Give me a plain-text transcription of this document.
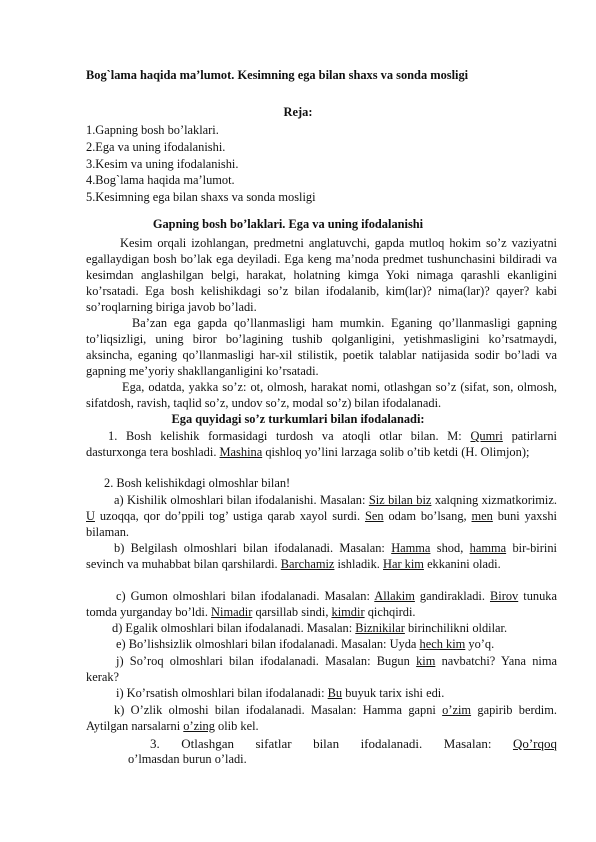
Bog`lama haqida ma’lumot. Kesimning ega bilan shaxs va sonda mosligi
Reja:
1.Gapning bosh bo’laklari.
2.Ega va uning ifodalanishi.
3.Kesim va uning ifodalanishi.
4.Bog`lama haqida ma’lumot.
5.Kesimning ega bilan shaxs va sonda mosligi
Gapning bosh bo’laklari. Ega va uning ifodalanishi
Kesim orqali izohlangan, predmetni anglatuvchi, gapda mutloq hokim so’z vaziyatni egallaydigan bosh bo’lak ega deyiladi. Ega keng ma’noda predmet tushunchasini bildiradi va kesimdan anglashilgan belgi, harakat, holatning kimga Yoki nimaga qarashli ekanligini ko’rsatadi. Ega bosh kelishikdagi so’z bilan ifodalanib, kim(lar)? nima(lar)? qayer? kabi so’roqlarning biriga javob bo’ladi.
Ba’zan ega gapda qo’llanmasligi ham mumkin. Eganing qo’llanmasligi gapning to’liqsizligi, uning biror bo’lagining tushib qolganligini, yetishmasligini ko’rsatmaydi, aksincha, eganing qo’llanmasligi har-xil stilistik, poetik talablar natijasida sodir bo’ladi va gapning me’yoriy shakllanganligini ko’rsatadi.
Ega, odatda, yakka so’z: ot, olmosh, harakat nomi, otlashgan so’z (sifat, son, olmosh, sifatdosh, ravish, taqlid so’z, undov so’z, modal so’z) bilan ifodalanadi.
Ega quyidagi so’z turkumlari bilan ifodalanadi:
1. Bosh kelishik formasidagi turdosh va atoqli otlar bilan. M: Qumri patirlarni dasturxonga tera boshladi. Mashina qishloq yo’lini larzaga solib o’tib ketdi (H. Olimjon);
2. Bosh kelishikdagi olmoshlar bilan!
a) Kishilik olmoshlari bilan ifodalanishi. Masalan: Siz bilan biz xalqning xizmatkorimiz. U uzoqqa, qor do’ppili tog’ ustiga qarab xayol surdi. Sen odam bo’lsang, men buni yaxshi bilaman.
b) Belgilash olmoshlari bilan ifodalanadi. Masalan: Hamma shod, hamma bir-birini sevinch va muhabbat bilan qarshilardi. Barchamiz ishladik. Har kim ekkanini oladi.
c) Gumon olmoshlari bilan ifodalanadi. Masalan: Allakim gandirakladi. Birov tunuka tomda yurganday bo’ldi. Nimadir qarsillab sindi, kimdir qichqirdi.
d) Egalik olmoshlari bilan ifodalanadi. Masalan: Biznikilar birinchilikni oldilar.
e) Bo’lishsizlik olmoshlari bilan ifodalanadi. Masalan: Uyda hech kim yo’q.
j) So’roq olmoshlari bilan ifodalanadi. Masalan: Bugun kim navbatchi? Yana nima kerak?
i) Ko’rsatish olmoshlari bilan ifodalanadi: Bu buyuk tarix ishi edi.
k) O’zlik olmoshi bilan ifodalanadi. Masalan: Hamma gapni o’zim gapirib berdim. Aytilgan narsalarni o’zing olib kel.
3. Otlashgan sifatlar bilan ifodalanadi. Masalan: Qo’rqoq
o’lmasdan burun o’ladi.
